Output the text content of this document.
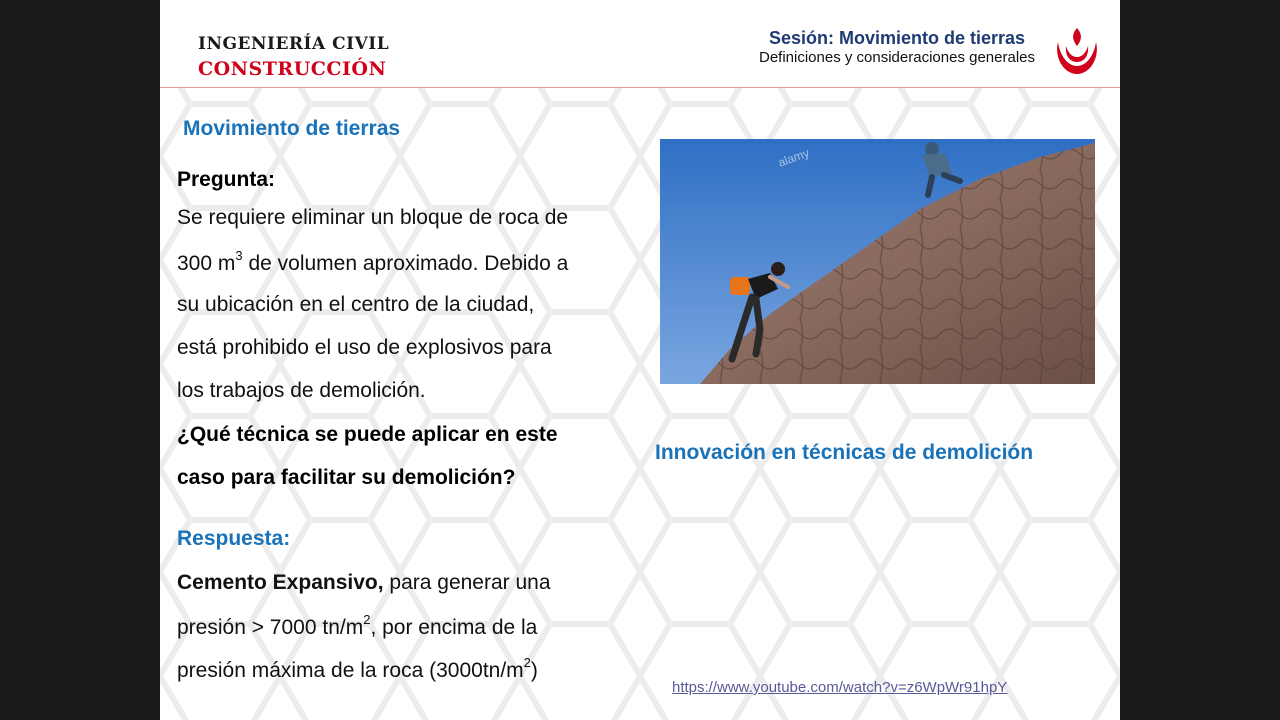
INGENIERÍA CIVIL
CONSTRUCCIÓN
Sesión: Movimiento de tierras
Definiciones y consideraciones generales
Movimiento de tierras
Pregunta:
Se requiere eliminar un bloque de roca de
300 $m^3$ de volumen aproximado. Debido a
su ubicación en el centro de la ciudad,
está prohibido el uso de explosivos para
los trabajos de demolición.
¿Qué técnica se puede aplicar en este
caso para facilitar su demolición?
Respuesta:
Cemento Expansivo, para generar una
presión > 7000 $tn/m^2$, por encima de la
presión máxima de la roca $(3000tn/m^2)$
alamy
Innovación en técnicas de demolición
https://www.youtube.com/watch?v=z6WpWr91hpY
